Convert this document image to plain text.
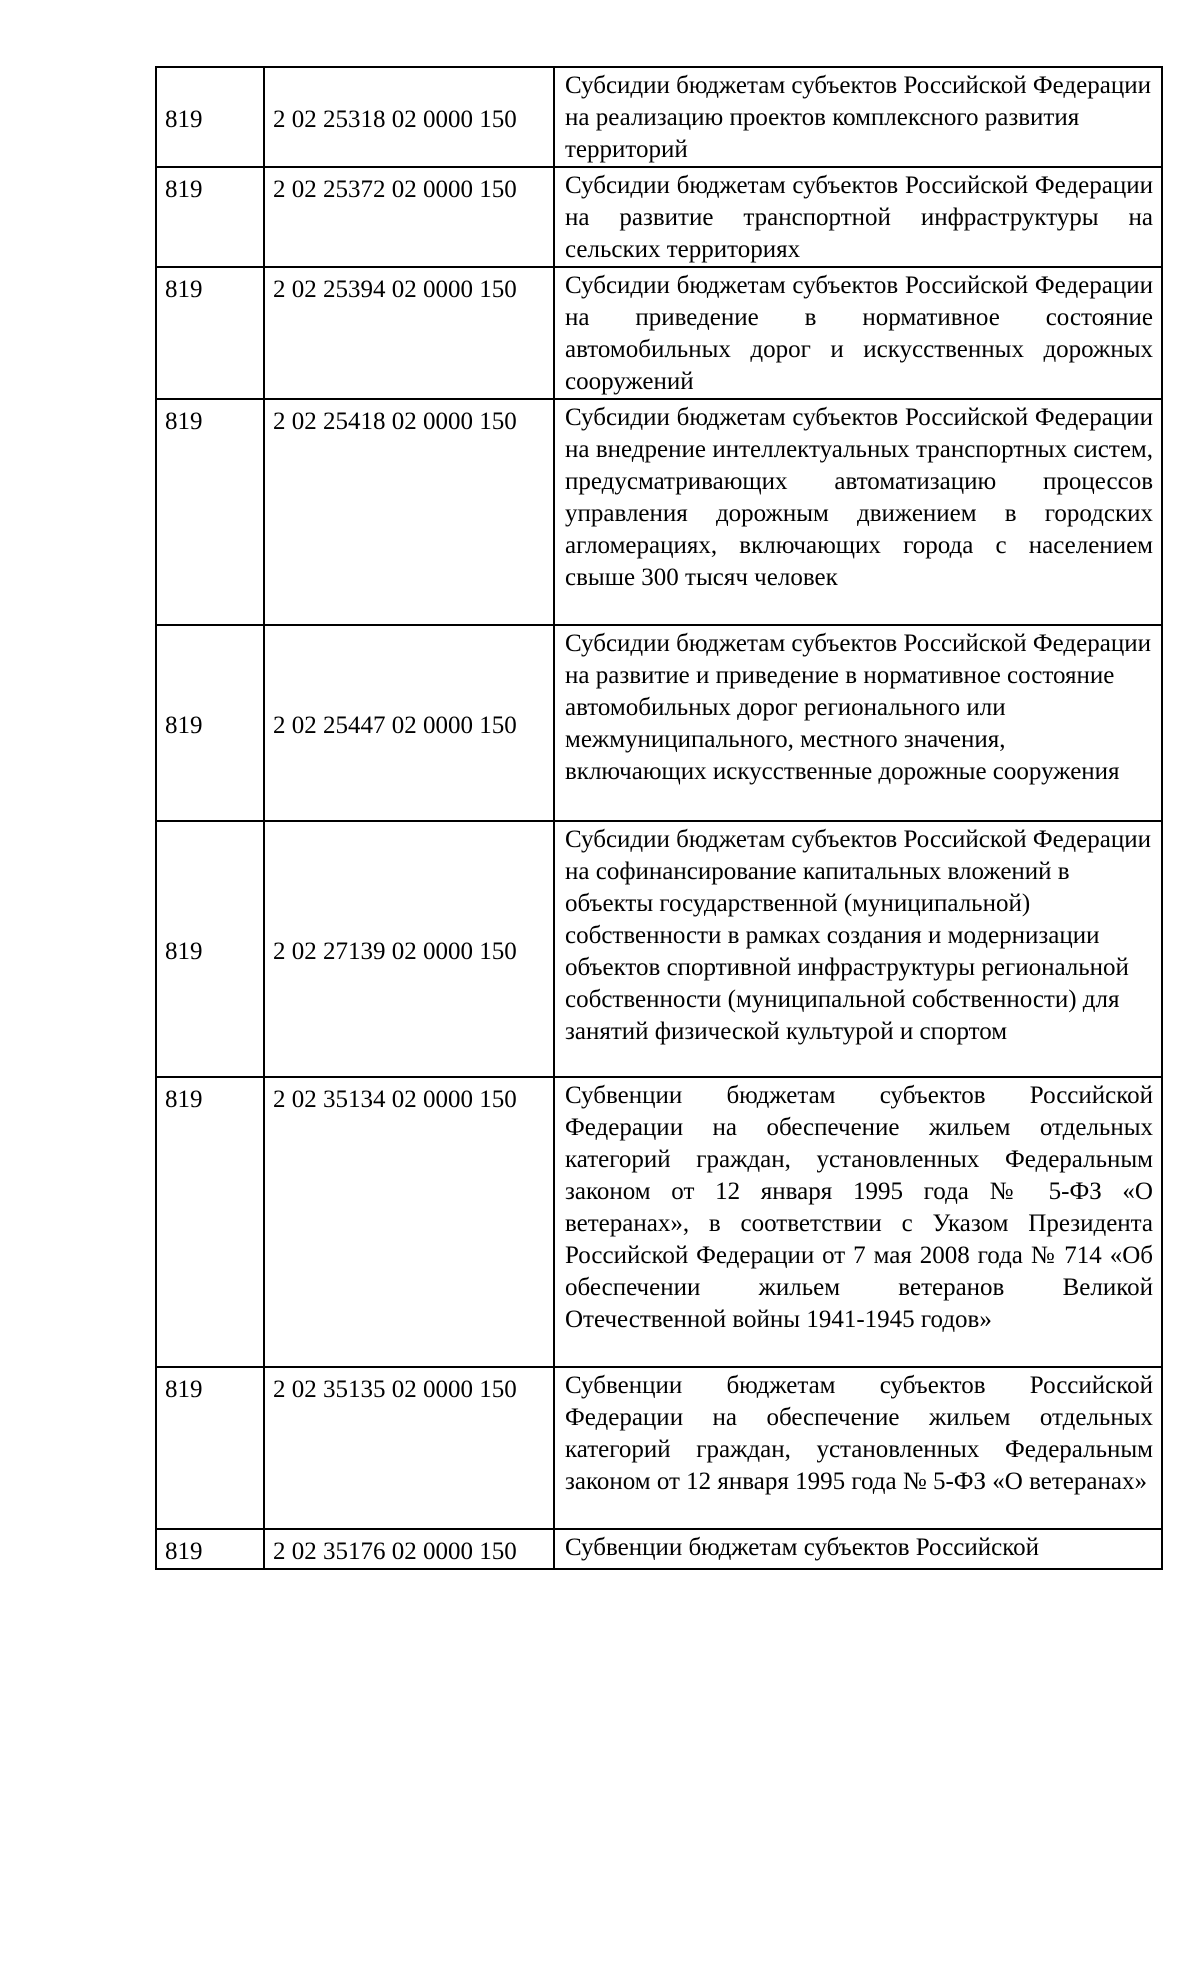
819	2 02 25318 02 0000 150	Субсидии бюджетам субъектов Российской Федерации на реализацию проектов комплексного развития территорий
819	2 02 25372 02 0000 150	Субсидии бюджетам субъектов Российской Федерации на развитие транспортной инфраструктуры на сельских территориях
819	2 02 25394 02 0000 150	Субсидии бюджетам субъектов Российской Федерации на приведение в нормативное состояние автомобильных дорог и искусственных дорожных сооружений
819	2 02 25418 02 0000 150	Субсидии бюджетам субъектов Российской Федерации на внедрение интеллектуальных транспортных систем, предусматривающих автоматизацию процессов управления дорожным движением в городских агломерациях, включающих города с населением свыше 300 тысяч человек
819	2 02 25447 02 0000 150	Субсидии бюджетам субъектов Российской Федерации на развитие и приведение в нормативное состояние автомобильных дорог регионального или межмуниципального, местного значения, включающих искусственные дорожные сооружения
819	2 02 27139 02 0000 150	Субсидии бюджетам субъектов Российской Федерации на софинансирование капитальных вложений в объекты государственной (муниципальной) собственности в рамках создания и модернизации объектов спортивной инфраструктуры региональной собственности (муниципальной собственности) для занятий физической культурой и спортом
819	2 02 35134 02 0000 150	Субвенции бюджетам субъектов Российской Федерации на обеспечение жильем отдельных категорий граждан, установленных Федеральным законом от 12 января 1995 года № 5-ФЗ «О ветеранах», в соответствии с Указом Президента Российской Федерации от 7 мая 2008 года № 714 «Об обеспечении жильем ветеранов Великой Отечественной войны 1941-1945 годов»
819	2 02 35135 02 0000 150	Субвенции бюджетам субъектов Российской Федерации на обеспечение жильем отдельных категорий граждан, установленных Федеральным законом от 12 января 1995 года № 5-ФЗ «О ветеранах»
819	2 02 35176 02 0000 150	Субвенции бюджетам субъектов Российской
